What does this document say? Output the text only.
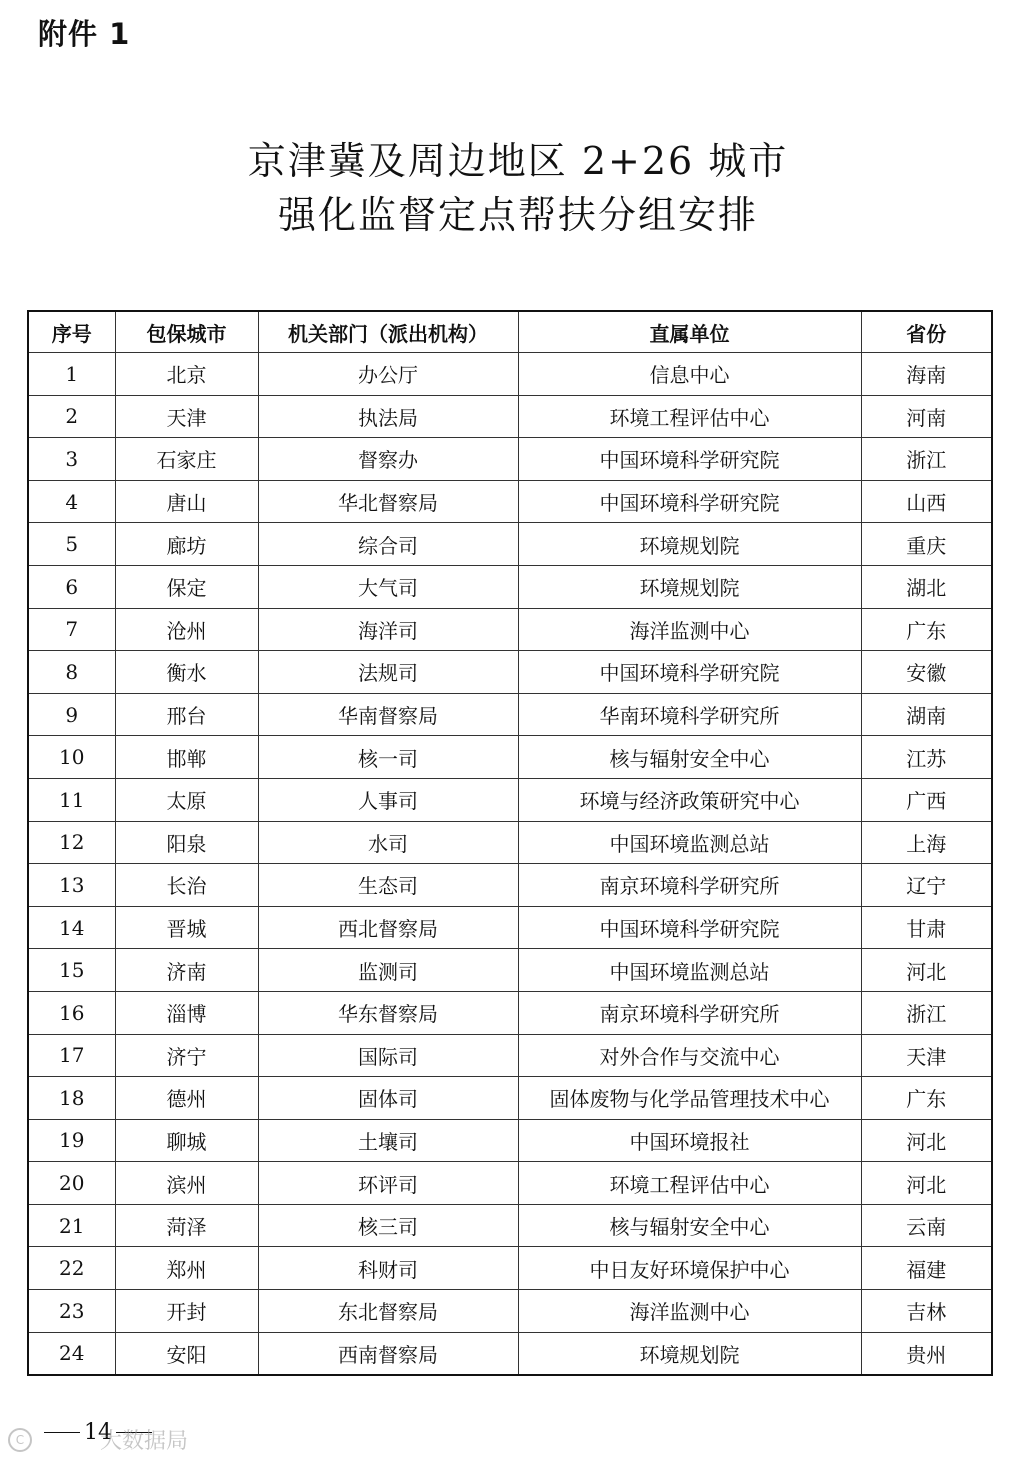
附件 1
京津冀及周边地区 2+26 城市
强化监督定点帮扶分组安排
序号	包保城市	机关部门（派出机构）	直属单位	省份
1	北京	办公厅	信息中心	海南
2	天津	执法局	环境工程评估中心	河南
3	石家庄	督察办	中国环境科学研究院	浙江
4	唐山	华北督察局	中国环境科学研究院	山西
5	廊坊	综合司	环境规划院	重庆
6	保定	大气司	环境规划院	湖北
7	沧州	海洋司	海洋监测中心	广东
8	衡水	法规司	中国环境科学研究院	安徽
9	邢台	华南督察局	华南环境科学研究所	湖南
10	邯郸	核一司	核与辐射安全中心	江苏
11	太原	人事司	环境与经济政策研究中心	广西
12	阳泉	水司	中国环境监测总站	上海
13	长治	生态司	南京环境科学研究所	辽宁
14	晋城	西北督察局	中国环境科学研究院	甘肃
15	济南	监测司	中国环境监测总站	河北
16	淄博	华东督察局	南京环境科学研究所	浙江
17	济宁	国际司	对外合作与交流中心	天津
18	德州	固体司	固体废物与化学品管理技术中心	广东
19	聊城	土壤司	中国环境报社	河北
20	滨州	环评司	环境工程评估中心	河北
21	菏泽	核三司	核与辐射安全中心	云南
22	郑州	科财司	中日友好环境保护中心	福建
23	开封	东北督察局	海洋监测中心	吉林
24	安阳	西南督察局	环境规划院	贵州
14
C	大数据局
